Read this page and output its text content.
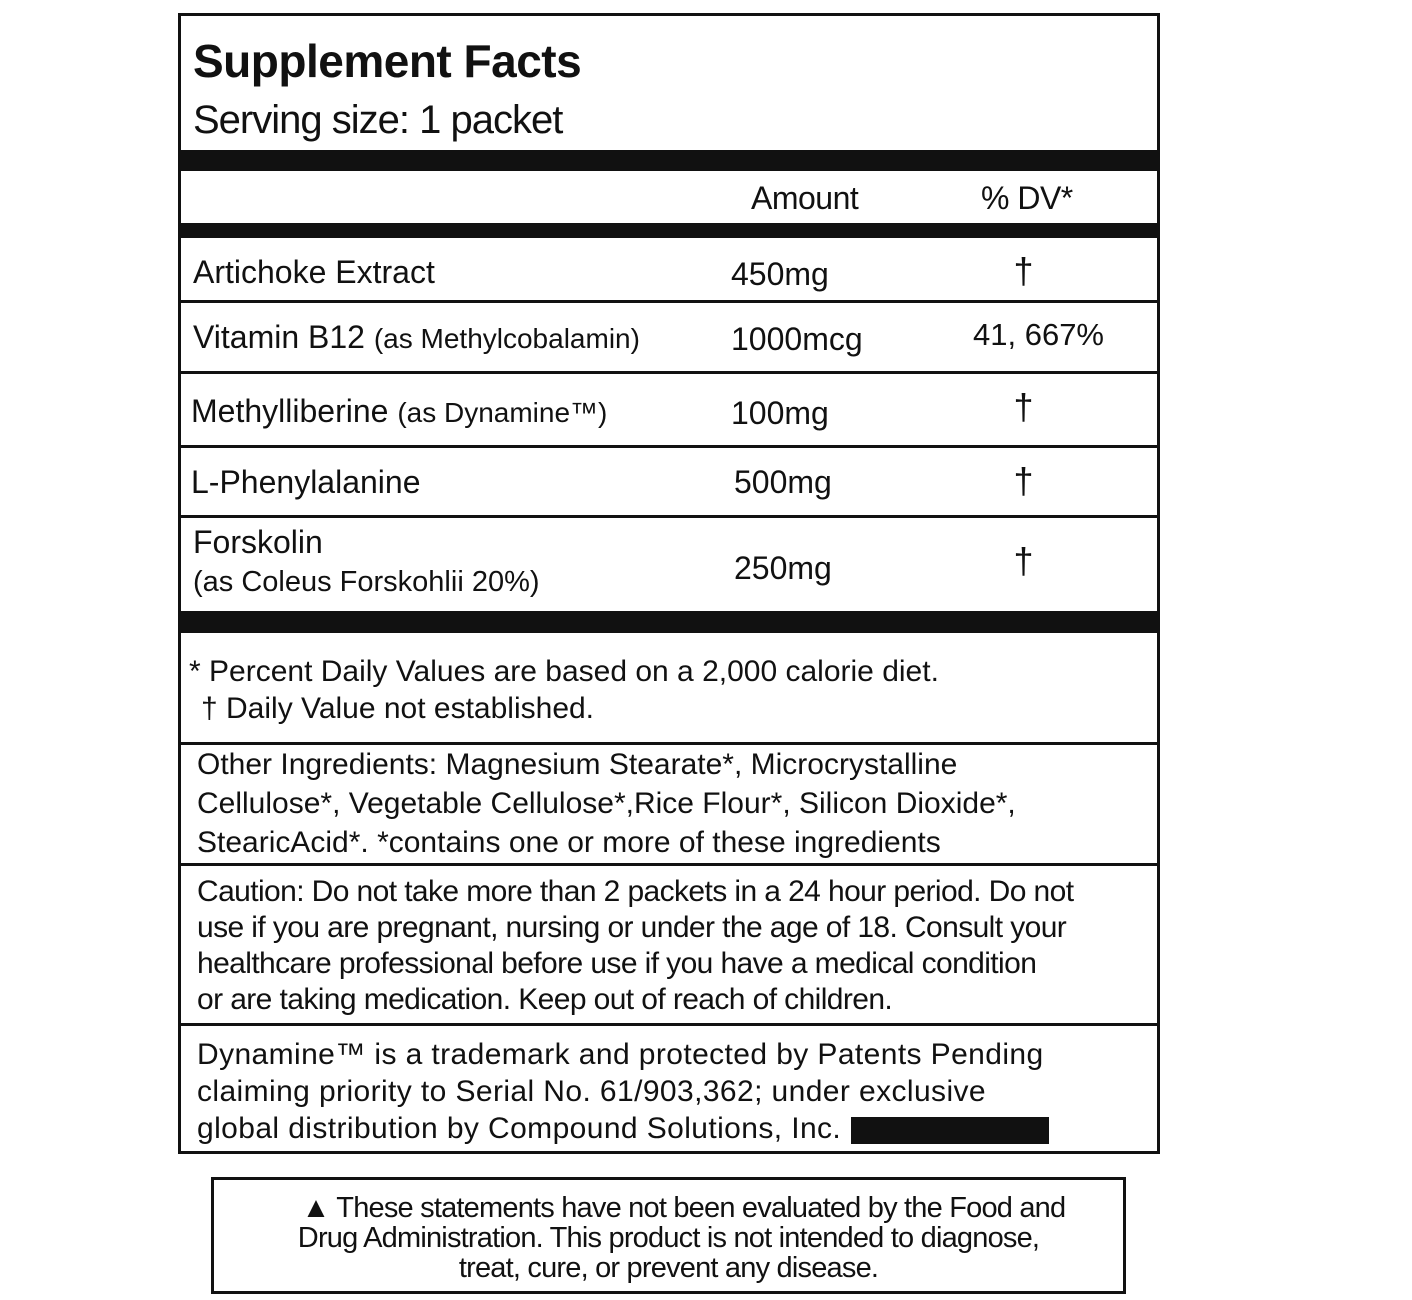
Supplement Facts
Serving size: 1 packet
Amount	% DV*
Artichoke Extract	450mg	†
Vitamin B12 (as Methylcobalamin)	1000mcg	41, 667%
Methylliberine (as Dynamine™)	100mg	†
L-Phenylalanine	500mg	†
Forskolin
(as Coleus Forskohlii 20%)	250mg	†
* Percent Daily Values are based on a 2,000 calorie diet.
† Daily Value not established.
Other Ingredients: Magnesium Stearate*, Microcrystalline
Cellulose*, Vegetable Cellulose*,Rice Flour*, Silicon Dioxide*,
StearicAcid*. *contains one or more of these ingredients
Caution: Do not take more than 2 packets in a 24 hour period. Do not
use if you are pregnant, nursing or under the age of 18. Consult your
healthcare professional before use if you have a medical condition
or are taking medication. Keep out of reach of children.
Dynamine™ is a trademark and protected by Patents Pending
claiming priority to Serial No. 61/903,362; under exclusive
global distribution by Compound Solutions, Inc.
▲ These statements have not been evaluated by the Food and
Drug Administration. This product is not intended to diagnose,
treat, cure, or prevent any disease.
